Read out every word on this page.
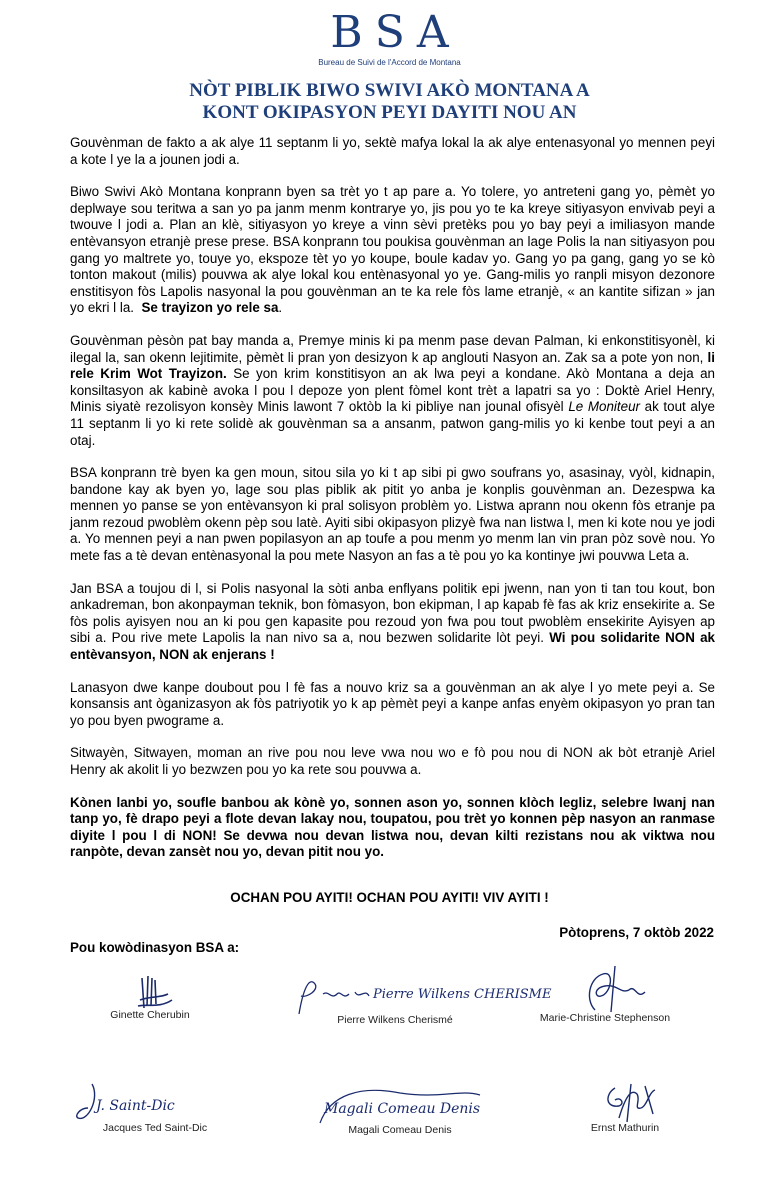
BSA
Bureau de Suivi de l'Accord de Montana
NÒT PIBLIK BIWO SWIVI AKÒ MONTANA A
KONT OKIPASYON PEYI DAYITI NOU AN

Gouvènman de fakto a ak alye 11 septanm li yo, sektè mafya lokal la ak alye entenasyonal yo mennen peyi a kote l ye la a jounen jodi a.

Biwo Swivi Akò Montana konprann byen sa trèt yo t ap pare a. Yo tolere, yo antreteni gang yo, pèmèt yo deplwaye sou teritwa a san yo pa janm menm kontrarye yo, jis pou yo te ka kreye sitiyasyon envivab peyi a twouve l jodi a. Plan an klè, sitiyasyon yo kreye a vinn sèvi pretèks pou yo bay peyi a imiliasyon mande entèvansyon etranjè prese prese. BSA konprann tou poukisa gouvènman an lage Polis la nan sitiyasyon pou gang yo maltrete yo, touye yo, ekspoze tèt yo yo koupe, boule kadav yo. Gang yo pa gang, gang yo se kò tonton makout (milis) pouvwa ak alye lokal kou entènasyonal yo ye. Gang-milis yo ranpli misyon dezonore enstitisyon fòs Lapolis nasyonal la pou gouvènman an te ka rele fòs lame etranjè, « an kantite sifizan » jan yo ekri l la. Se trayizon yo rele sa.

Gouvènman pèsòn pat bay manda a, Premye minis ki pa menm pase devan Palman, ki enkonstitisyonèl, ki ilegal la, san okenn lejitimite, pèmèt li pran yon desizyon k ap anglouti Nasyon an. Zak sa a pote yon non, li rele Krim Wot Trayizon. Se yon krim konstitisyon an ak lwa peyi a kondane. Akò Montana a deja an konsiltasyon ak kabinè avoka l pou l depoze yon plent fòmel kont trèt a lapatri sa yo : Doktè Ariel Henry, Minis siyatè rezolisyon konsèy Minis lawont 7 oktòb la ki pibliye nan jounal ofisyèl Le Moniteur ak tout alye 11 septanm li yo ki rete solidè ak gouvènman sa a ansanm, patwon gang-milis yo ki kenbe tout peyi a an otaj.

BSA konprann trè byen ka gen moun, sitou sila yo ki t ap sibi pi gwo soufrans yo, asasinay, vyòl, kidnapin, bandone kay ak byen yo, lage sou plas piblik ak pitit yo anba je konplis gouvènman an. Dezespwa ka mennen yo panse se yon entèvansyon ki pral solisyon problèm yo. Listwa aprann nou okenn fòs etranje pa janm rezoud pwoblèm okenn pèp sou latè. Ayiti sibi okipasyon plizyè fwa nan listwa l, men ki kote nou ye jodi a. Yo mennen peyi a nan pwen popilasyon an ap toufe a pou menm yo menm lan vin pran pòz sovè nou. Yo mete fas a tè devan entènasyonal la pou mete Nasyon an fas a tè pou yo ka kontinye jwi pouvwa Leta a.

Jan BSA a toujou di l, si Polis nasyonal la sòti anba enflyans politik epi jwenn, nan yon ti tan tou kout, bon ankadreman, bon akonpayman teknik, bon fòmasyon, bon ekipman, l ap kapab fè fas ak kriz ensekirite a. Se fòs polis ayisyen nou an ki pou gen kapasite pou rezoud yon fwa pou tout pwoblèm ensekirite Ayisyen ap sibi a. Pou rive mete Lapolis la nan nivo sa a, nou bezwen solidarite lòt peyi. Wi pou solidarite NON ak entèvansyon, NON ak enjerans !

Lanasyon dwe kanpe doubout pou l fè fas a nouvo kriz sa a gouvènman an ak alye l yo mete peyi a. Se konsansis ant òganizasyon ak fòs patriyotik yo k ap pèmèt peyi a kanpe anfas enyèm okipasyon yo pran tan yo pou byen pwograme a.

Sitwayèn, Sitwayen, moman an rive pou nou leve vwa nou wo e fò pou nou di NON ak bòt etranjè Ariel Henry ak akolit li yo bezwzen pou yo ka rete sou pouvwa a.

Kònen lanbi yo, soufle banbou ak kònè yo, sonnen ason yo, sonnen klòch legliz, selebre lwanj nan tanp yo, fè drapo peyi a flote devan lakay nou, toupatou, pou trèt yo konnen pèp nasyon an ranmase diyite l pou l di NON! Se devwa nou devan listwa nou, devan kilti rezistans nou ak viktwa nou ranpòte, devan zansèt nou yo, devan pitit nou yo.

OCHAN POU AYITI! OCHAN POU AYITI! VIV AYITI !
Pòtoprens, 7 oktòb 2022
Pou kowòdinasyon BSA a:
Ginette Cherubin
Pierre Wilkens CHERISME
Pierre Wilkens Cherismé	Marie-Christine Stephenson
J. Saint-Dic
Jacques Ted Saint-Dic
Magali Comeau Denis
Magali Comeau Denis	Ernst Mathurin
